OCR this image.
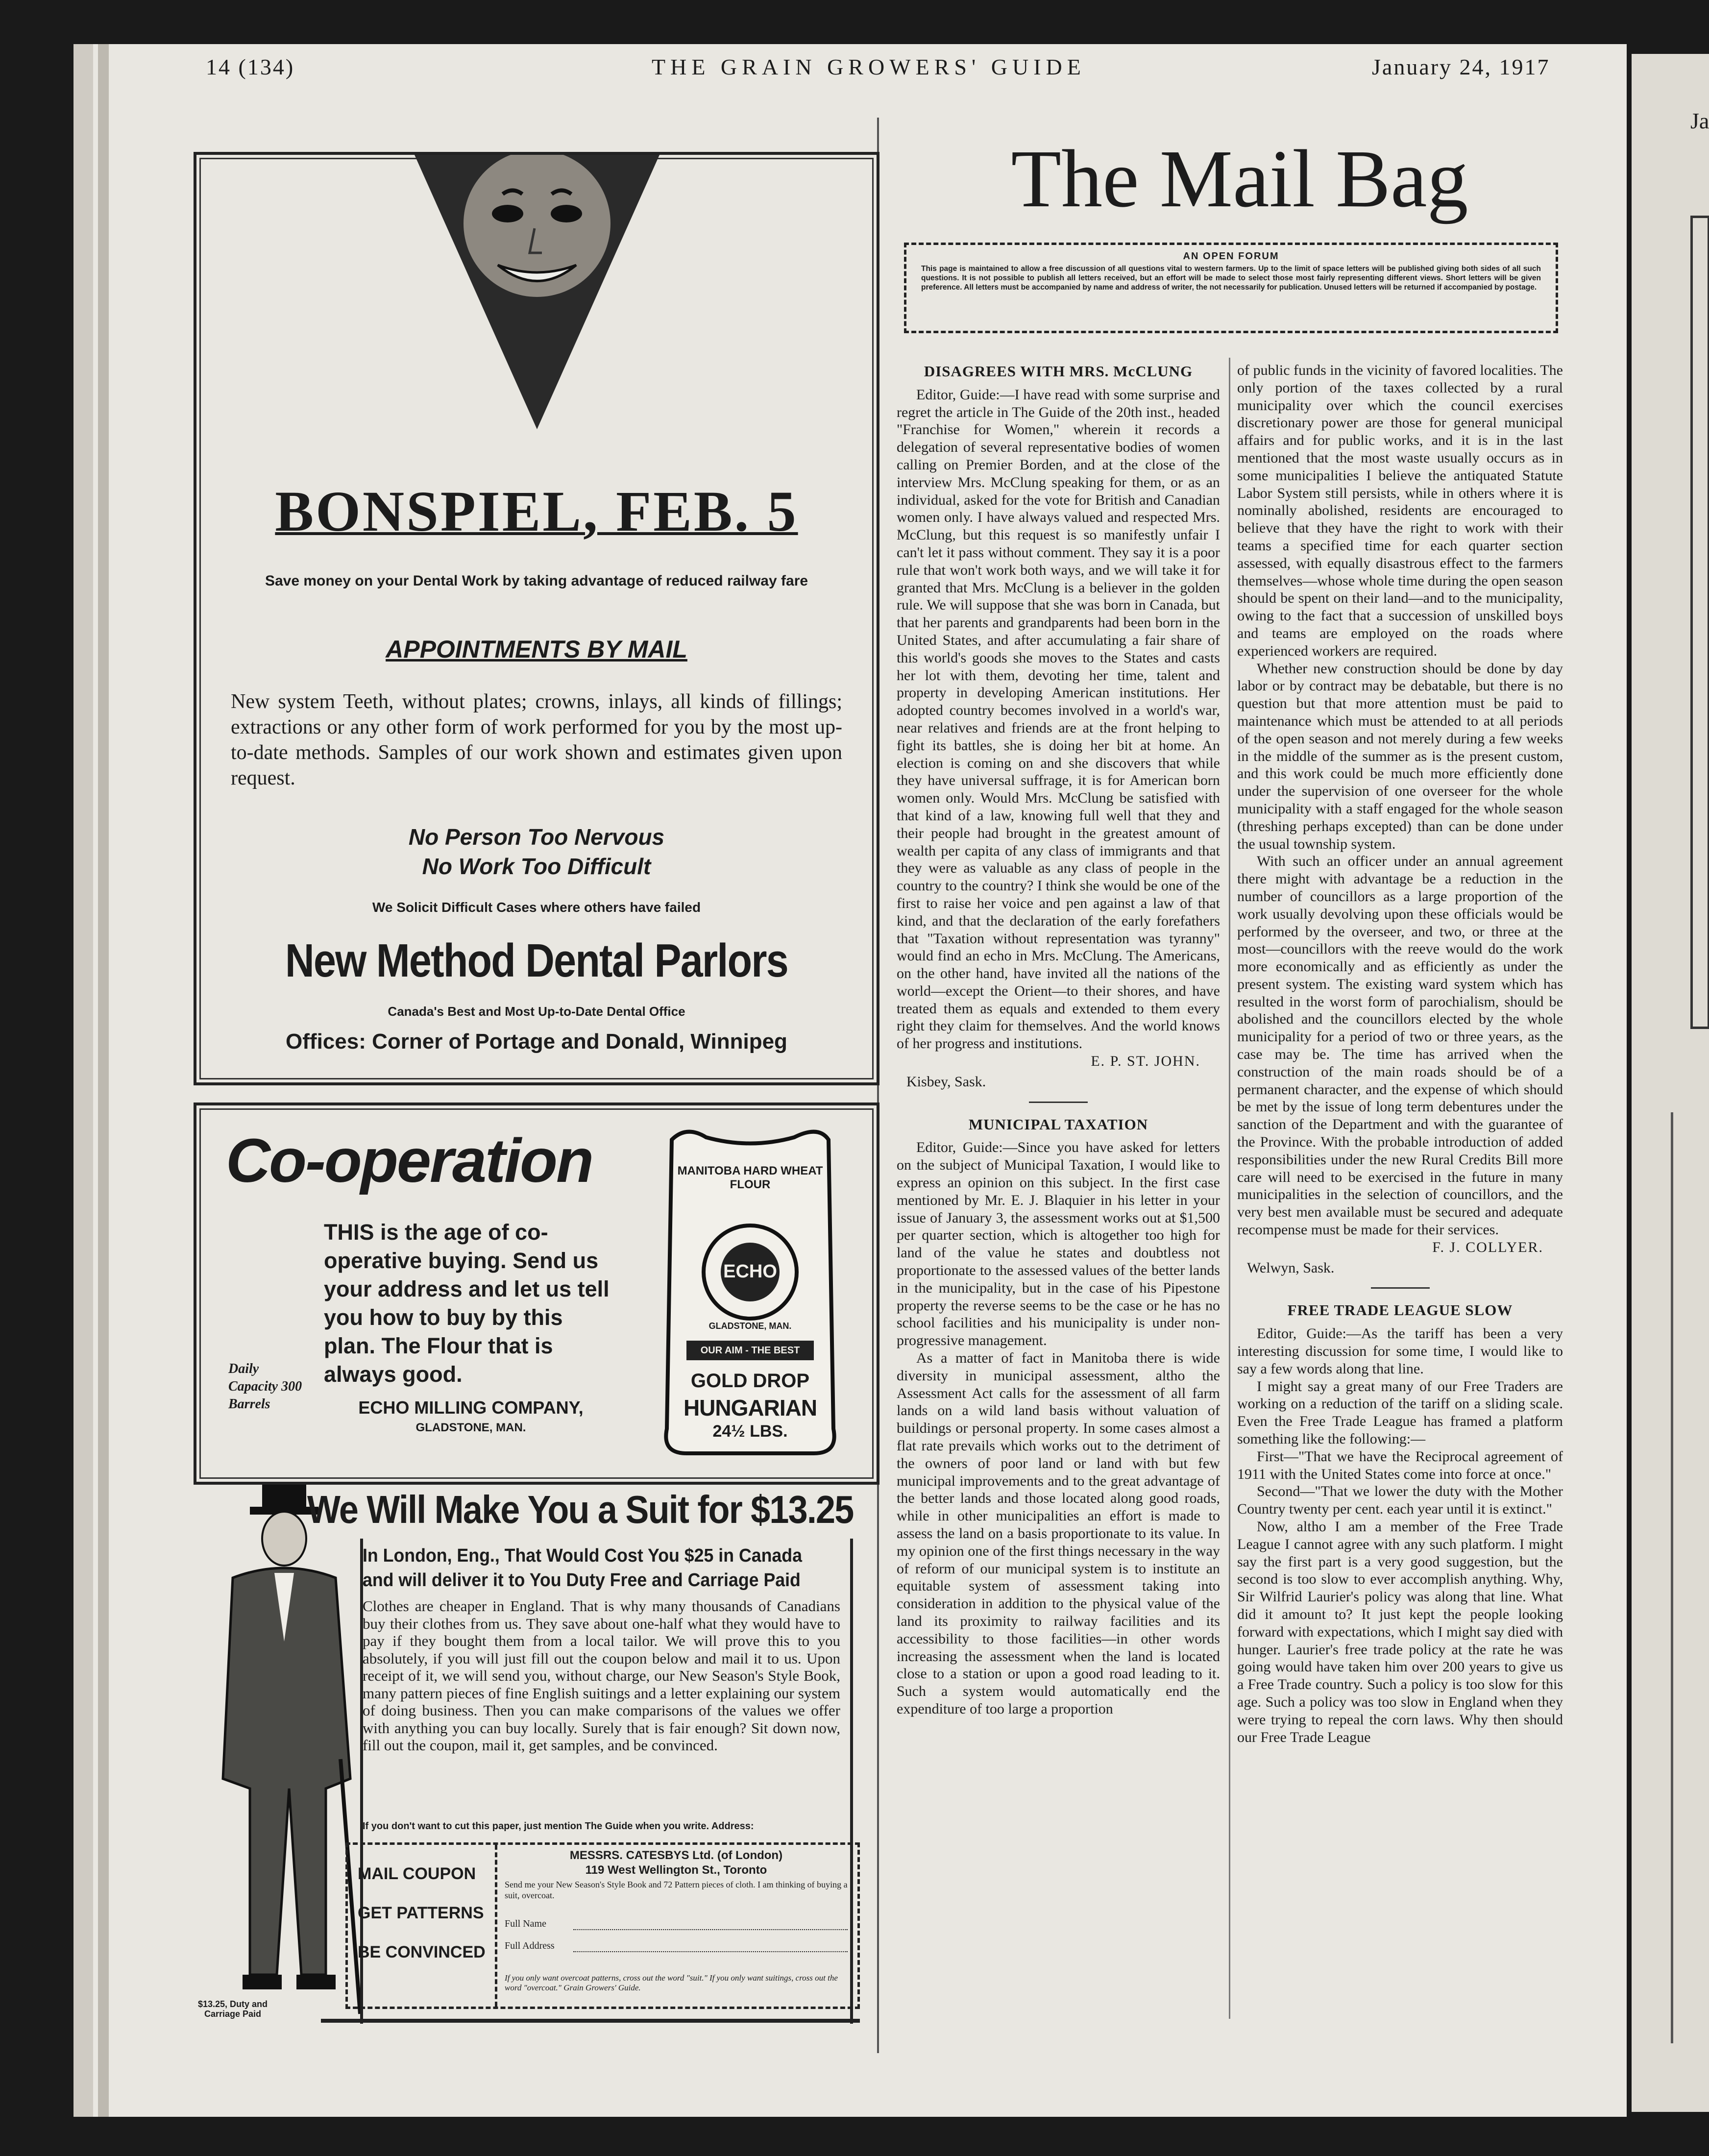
Ja
14 (134)	THE GRAIN GROWERS' GUIDE	January 24, 1917
BONSPIEL, FEB. 5
Save money on your Dental Work by taking advantage of reduced railway fare
APPOINTMENTS BY MAIL
New system Teeth, without plates; crowns, inlays, all kinds of fillings; extractions or any other form of work performed for you by the most up-to-date methods. Samples of our work shown and estimates given upon request.
No Person Too Nervous
No Work Too Difficult
We Solicit Difficult Cases where others have failed
New Method Dental Parlors
Canada's Best and Most Up-to-Date Dental Office
Offices: Corner of Portage and Donald, Winnipeg
Co-operation
THIS is the age of co-operative buying. Send us your address and let us tell you how to buy by this plan. The Flour that is always good.
Daily Capacity 300 Barrels	ECHO MILLING COMPANY,
GLADSTONE, MAN.
MANITOBA HARD WHEAT FLOUR
ECHO
GLADSTONE, MAN.
OUR AIM - THE BEST
GOLD DROP
HUNGARIAN
24½ LBS.
We Will Make You a Suit for $13.25
In London, Eng., That Would Cost You $25 in Canada and will deliver it to You Duty Free and Carriage Paid
Clothes are cheaper in England. That is why many thousands of Canadians buy their clothes from us. They save about one-half what they would have to pay if they bought them from a local tailor. We will prove this to you absolutely, if you will just fill out the coupon below and mail it to us. Upon receipt of it, we will send you, without charge, our New Season's Style Book, many pattern pieces of fine English suitings and a letter explaining our system of doing business. Then you can make comparisons of the values we offer with anything you can buy locally. Surely that is fair enough? Sit down now, fill out the coupon, mail it, get samples, and be convinced.
If you don't want to cut this paper, just mention The Guide when you write. Address:
MAIL COUPON
GET PATTERNS
BE CONVINCED
MESSRS. CATESBYS Ltd. (of London)
119 West Wellington St., Toronto
Send me your New Season's Style Book and 72 Pattern pieces of cloth. I am thinking of buying a suit, overcoat.
Full Name
Full Address
If you only want overcoat patterns, cross out the word "suit." If you only want suitings, cross out the word "overcoat." Grain Growers' Guide.
$13.25, Duty and Carriage Paid
The Mail Bag
AN OPEN FORUM
This page is maintained to allow a free discussion of all questions vital to western farmers. Up to the limit of space letters will be published giving both sides of all such questions. It is not possible to publish all letters received, but an effort will be made to select those most fairly representing different views. Short letters will be given preference. All letters must be accompanied by name and address of writer, the not necessarily for publication. Unused letters will be returned if accompanied by postage.
DISAGREES WITH MRS. McCLUNG

Editor, Guide:—I have read with some surprise and regret the article in The Guide of the 20th inst., headed "Franchise for Women," wherein it records a delegation of several representative bodies of women calling on Premier Borden, and at the close of the interview Mrs. McClung speaking for them, or as an individual, asked for the vote for British and Canadian women only. I have always valued and respected Mrs. McClung, but this request is so manifestly unfair I can't let it pass without comment. They say it is a poor rule that won't work both ways, and we will take it for granted that Mrs. McClung is a believer in the golden rule. We will suppose that she was born in Canada, but that her parents and grandparents had been born in the United States, and after accumulating a fair share of this world's goods she moves to the States and casts her lot with them, devoting her time, talent and property in developing American institutions. Her adopted country becomes involved in a world's war, near relatives and friends are at the front helping to fight its battles, she is doing her bit at home. An election is coming on and she discovers that while they have universal suffrage, it is for American born women only. Would Mrs. McClung be satisfied with that kind of a law, knowing full well that they and their people had brought in the greatest amount of wealth per capita of any class of immigrants and that they were as valuable as any class of people in the country to the country? I think she would be one of the first to raise her voice and pen against a law of that kind, and that the declaration of the early forefathers that "Taxation without representation was tyranny" would find an echo in Mrs. McClung. The Americans, on the other hand, have invited all the nations of the world—except the Orient—to their shores, and have treated them as equals and extended to them every right they claim for themselves. And the world knows of her progress and institutions.

E. P. ST. JOHN.

Kisbey, Sask.

MUNICIPAL TAXATION

Editor, Guide:—Since you have asked for letters on the subject of Municipal Taxation, I would like to express an opinion on this subject. In the first case mentioned by Mr. E. J. Blaquier in his letter in your issue of January 3, the assessment works out at $1,500 per quarter section, which is altogether too high for land of the value he states and doubtless not proportionate to the assessed values of the better lands in the municipality, but in the case of his Pipestone property the reverse seems to be the case or he has no school facilities and his municipality is under non-progressive management.

As a matter of fact in Manitoba there is wide diversity in municipal assessment, altho the Assessment Act calls for the assessment of all farm lands on a wild land basis without valuation of buildings or personal property. In some cases almost a flat rate prevails which works out to the detriment of the owners of poor land or land with but few municipal improvements and to the great advantage of the better lands and those located along good roads, while in other municipalities an effort is made to assess the land on a basis proportionate to its value. In my opinion one of the first things necessary in the way of reform of our municipal system is to institute an equitable system of assessment taking into consideration in addition to the physical value of the land its proximity to railway facilities and its accessibility to those facilities—in other words increasing the assessment when the land is located close to a station or upon a good road leading to it. Such a system would automatically end the expenditure of too large a proportion

of public funds in the vicinity of favored localities. The only portion of the taxes collected by a rural municipality over which the council exercises discretionary power are those for general municipal affairs and for public works, and it is in the last mentioned that the most waste usually occurs as in some municipalities I believe the antiquated Statute Labor System still persists, while in others where it is nominally abolished, residents are encouraged to believe that they have the right to work with their teams a specified time for each quarter section assessed, with equally disastrous effect to the farmers themselves—whose whole time during the open season should be spent on their land—and to the municipality, owing to the fact that a succession of unskilled boys and teams are employed on the roads where experienced workers are required.

Whether new construction should be done by day labor or by contract may be debatable, but there is no question but that more attention must be paid to maintenance which must be attended to at all periods of the open season and not merely during a few weeks in the middle of the summer as is the present custom, and this work could be much more efficiently done under the supervision of one overseer for the whole municipality with a staff engaged for the whole season (threshing perhaps excepted) than can be done under the usual township system.

With such an officer under an annual agreement there might with advantage be a reduction in the number of councillors as a large proportion of the work usually devolving upon these officials would be performed by the overseer, and two, or three at the most—councillors with the reeve would do the work more economically and as efficiently as under the present system. The existing ward system which has resulted in the worst form of parochialism, should be abolished and the councillors elected by the whole municipality for a period of two or three years, as the case may be. The time has arrived when the construction of the main roads should be of a permanent character, and the expense of which should be met by the issue of long term debentures under the sanction of the Department and with the guarantee of the Province. With the probable introduction of added responsibilities under the new Rural Credits Bill more care will need to be exercised in the future in many municipalities in the selection of councillors, and the very best men available must be secured and adequate recompense must be made for their services.

F. J. COLLYER.

Welwyn, Sask.

FREE TRADE LEAGUE SLOW

Editor, Guide:—As the tariff has been a very interesting discussion for some time, I would like to say a few words along that line.

I might say a great many of our Free Traders are working on a reduction of the tariff on a sliding scale. Even the Free Trade League has framed a platform something like the following:—

First—"That we have the Reciprocal agreement of 1911 with the United States come into force at once."

Second—"That we lower the duty with the Mother Country twenty per cent. each year until it is extinct."

Now, altho I am a member of the Free Trade League I cannot agree with any such platform. I might say the first part is a very good suggestion, but the second is too slow to ever accomplish anything. Why, Sir Wilfrid Laurier's policy was along that line. What did it amount to? It just kept the people looking forward with expectations, which I might say died with hunger. Laurier's free trade policy at the rate he was going would have taken him over 200 years to give us a Free Trade country. Such a policy is too slow for this age. Such a policy was too slow in England when they were trying to repeal the corn laws. Why then should our Free Trade League
